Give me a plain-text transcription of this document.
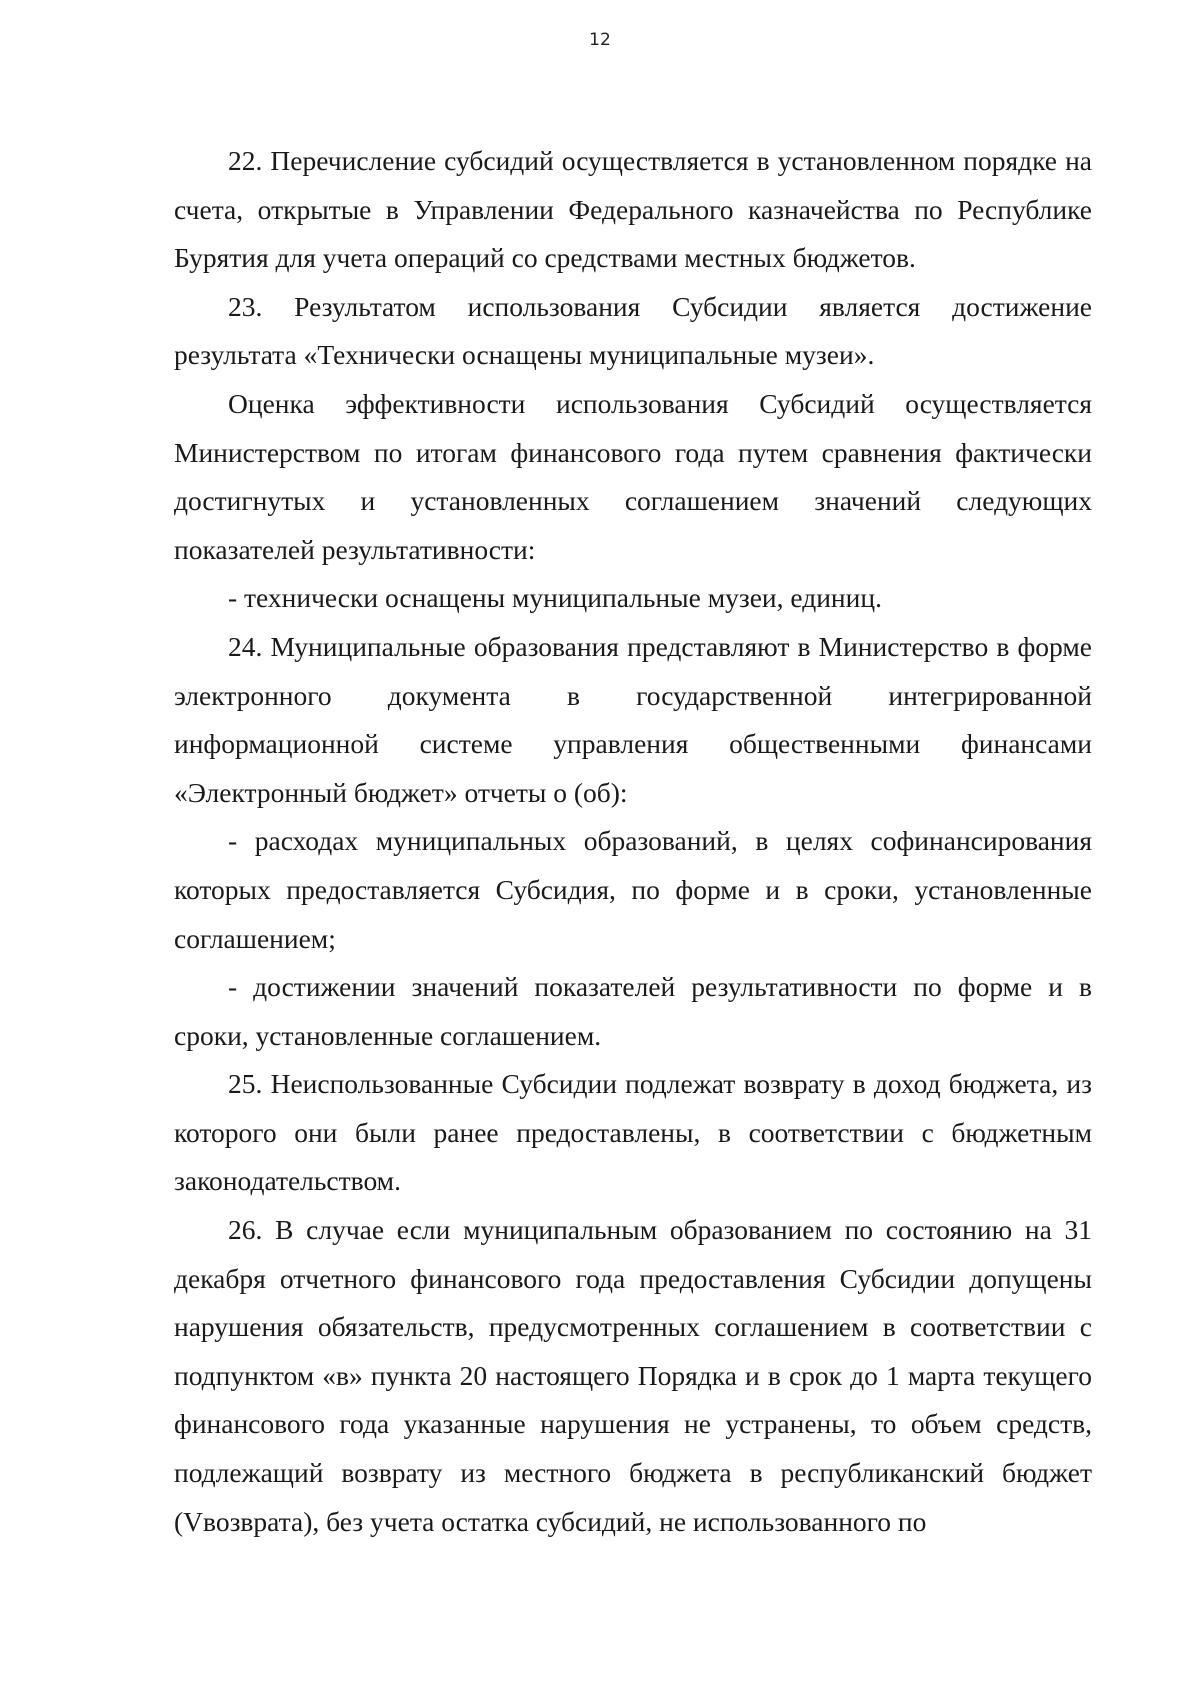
12

22. Перечисление субсидий осуществляется в установленном порядке на счета, открытые в Управлении Федерального казначейства по Республике Бурятия для учета операций со средствами местных бюджетов.

23. Результатом использования Субсидии является достижение результата «Технически оснащены муниципальные музеи».

Оценка эффективности использования Субсидий осуществляется Министерством по итогам финансового года путем сравнения фактически достигнутых и установленных соглашением значений следующих показателей результативности:

- технически оснащены муниципальные музеи, единиц.

24. Муниципальные образования представляют в Министерство в форме электронного документа в государственной интегрированной информационной системе управления общественными финансами «Электронный бюджет» отчеты о (об):

- расходах муниципальных образований, в целях софинансирования которых предоставляется Субсидия, по форме и в сроки, установленные соглашением;

- достижении значений показателей результативности по форме и в сроки, установленные соглашением.

25. Неиспользованные Субсидии подлежат возврату в доход бюджета, из которого они были ранее предоставлены, в соответствии с бюджетным законодательством.

26. В случае если муниципальным образованием по состоянию на 31 декабря отчетного финансового года предоставления Субсидии допущены нарушения обязательств, предусмотренных соглашением в соответствии с подпунктом «в» пункта 20 настоящего Порядка и в срок до 1 марта текущего финансового года указанные нарушения не устранены, то объем средств, подлежащий возврату из местного бюджета в республиканский бюджет (Vвозврата), без учета остатка субсидий, не использованного по
